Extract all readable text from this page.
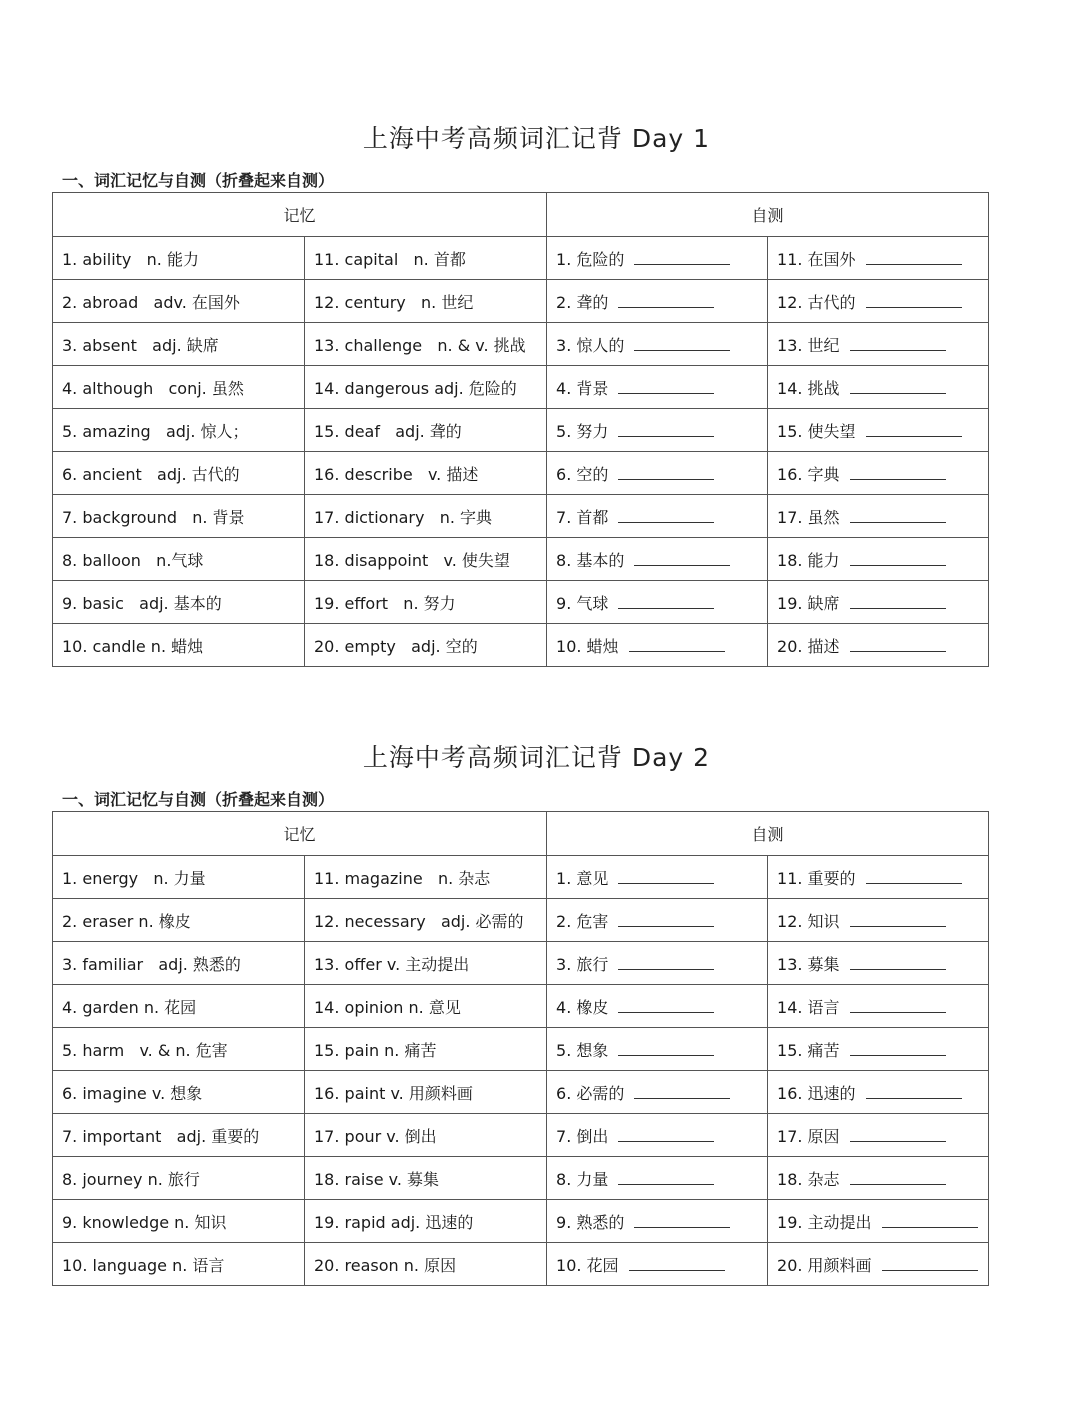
上海中考高频词汇记背 Day 1
一、词汇记忆与自测（折叠起来自测）
记忆		自测	
1. ability   n. 能力	11. capital   n. 首都	1. 危险的	11. 在国外
2. abroad   adv. 在国外	12. century   n. 世纪	2. 聋的	12. 古代的
3. absent   adj. 缺席	13. challenge   n. & v. 挑战	3. 惊人的	13. 世纪
4. although   conj. 虽然	14. dangerous adj. 危险的	4. 背景	14. 挑战
5. amazing   adj. 惊人；	15. deaf   adj. 聋的	5. 努力	15. 使失望
6. ancient   adj. 古代的	16. describe   v. 描述	6. 空的	16. 字典
7. background   n. 背景	17. dictionary   n. 字典	7. 首都	17. 虽然
8. balloon   n.气球	18. disappoint   v. 使失望	8. 基本的	18. 能力
9. basic   adj. 基本的	19. effort   n. 努力	9. 气球	19. 缺席
10. candle n. 蜡烛	20. empty   adj. 空的	10. 蜡烛	20. 描述
上海中考高频词汇记背 Day 2
一、词汇记忆与自测（折叠起来自测）
记忆		自测	
1. energy   n. 力量	11. magazine   n. 杂志	1. 意见	11. 重要的
2. eraser n. 橡皮	12. necessary   adj. 必需的	2. 危害	12. 知识
3. familiar   adj. 熟悉的	13. offer v. 主动提出	3. 旅行	13. 募集
4. garden n. 花园	14. opinion n. 意见	4. 橡皮	14. 语言
5. harm   v. & n. 危害	15. pain n. 痛苦	5. 想象	15. 痛苦
6. imagine v. 想象	16. paint v. 用颜料画	6. 必需的	16. 迅速的
7. important   adj. 重要的	17. pour v. 倒出	7. 倒出	17. 原因
8. journey n. 旅行	18. raise v. 募集	8. 力量	18. 杂志
9. knowledge n. 知识	19. rapid adj. 迅速的	9. 熟悉的	19. 主动提出
10. language n. 语言	20. reason n. 原因	10. 花园	20. 用颜料画
